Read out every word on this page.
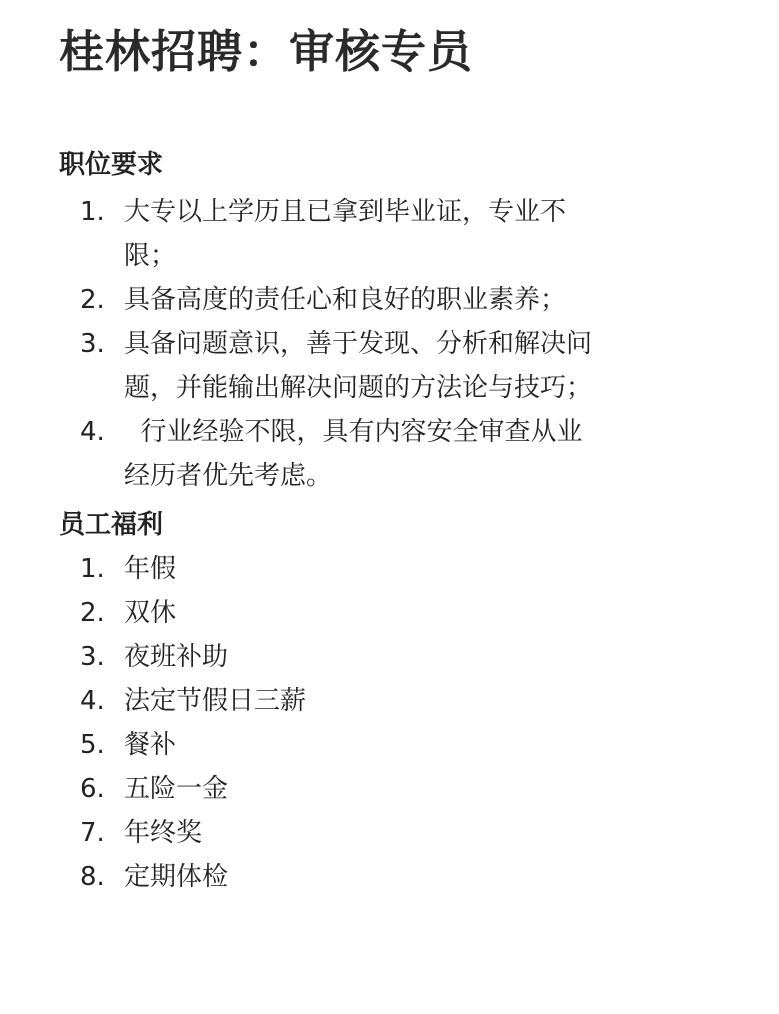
桂林招聘：审核专员
职位要求
1. 大专以上学历且已拿到毕业证，专业不
限；
2. 具备高度的责任心和良好的职业素养；
3. 具备问题意识，善于发现、分析和解决问
题，并能输出解决问题的方法论与技巧；
4. 行业经验不限，具有内容安全审查从业
经历者优先考虑。
员工福利
1. 年假
2. 双休
3. 夜班补助
4. 法定节假日三薪
5. 餐补
6. 五险一金
7. 年终奖
8. 定期体检
